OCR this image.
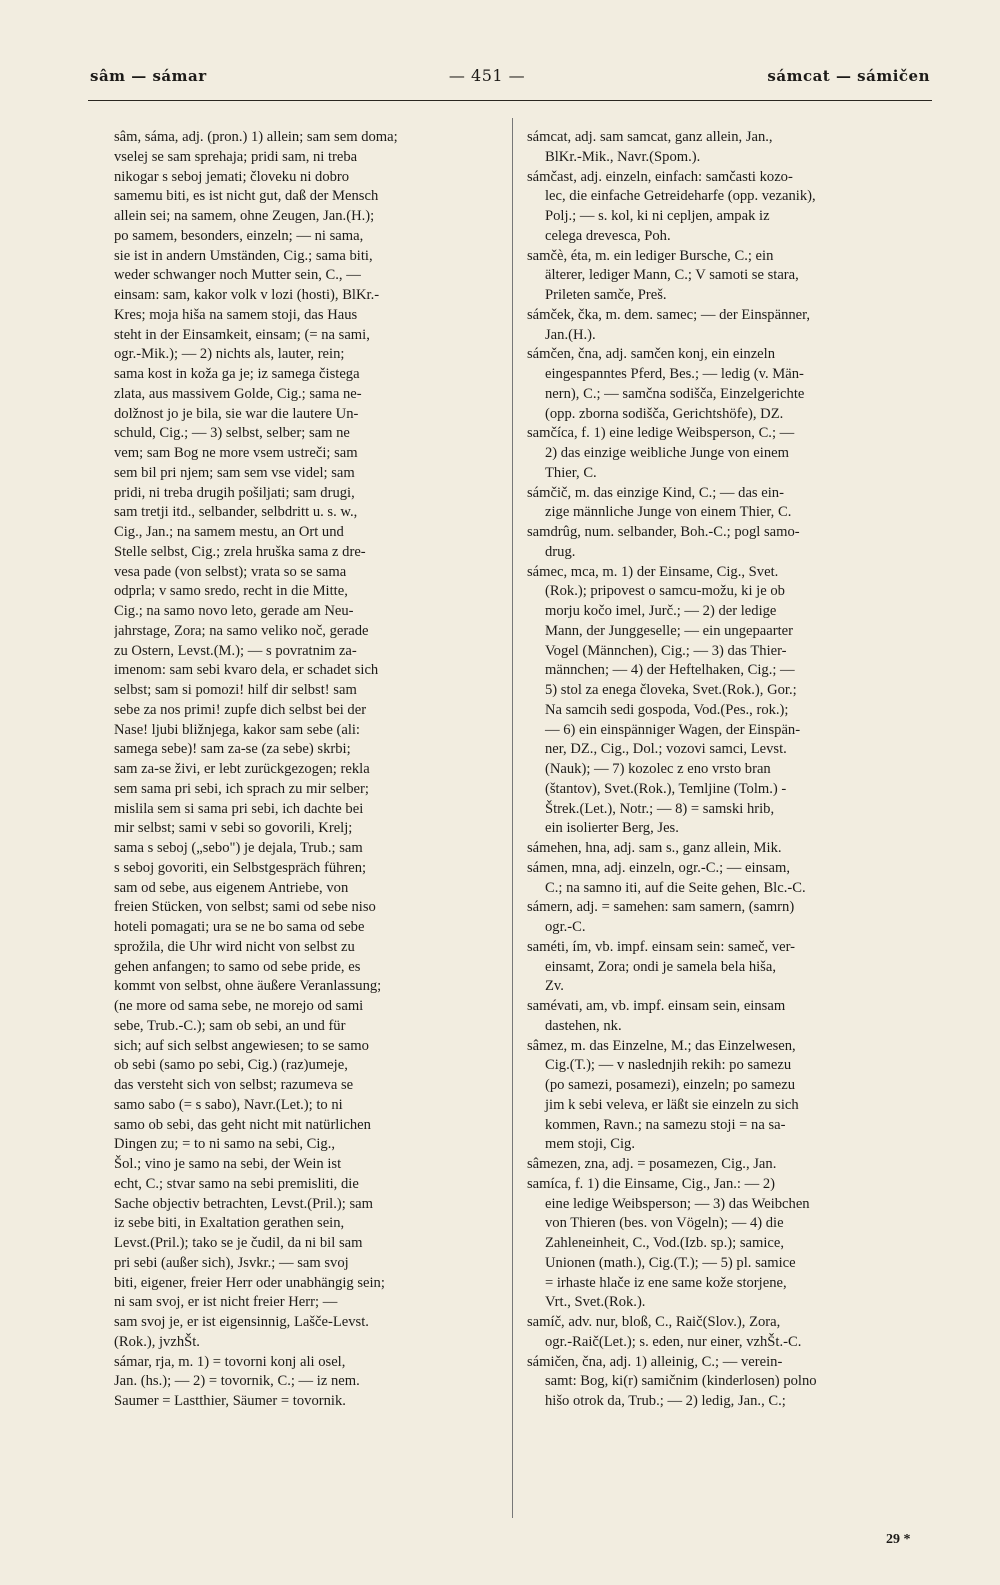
sâm — sámar	— 451 —	sámcat — sámičen
sâm, sáma, adj. (pron.) 1) allein; sam sem doma;
vselej se sam sprehaja; pridi sam, ni treba
nikogar s seboj jemati; človeku ni dobro
samemu biti, es ist nicht gut, daß der Mensch
allein sei; na samem, ohne Zeugen, Jan.(H.);
po samem, besonders, einzeln; — ni sama,
sie ist in andern Umständen, Cig.; sama biti,
weder schwanger noch Mutter sein, C., —
einsam: sam, kakor volk v lozi (hosti), BlKr.-
Kres; moja hiša na samem stoji, das Haus
steht in der Einsamkeit, einsam; (= na sami,
ogr.-Mik.); — 2) nichts als, lauter, rein;
sama kost in koža ga je; iz samega čistega
zlata, aus massivem Golde, Cig.; sama ne-
dolžnost jo je bila, sie war die lautere Un-
schuld, Cig.; — 3) selbst, selber; sam ne
vem; sam Bog ne more vsem ustreči; sam
sem bil pri njem; sam sem vse videl; sam
pridi, ni treba drugih pošiljati; sam drugi,
sam tretji itd., selbander, selbdritt u. s. w.,
Cig., Jan.; na samem mestu, an Ort und
Stelle selbst, Cig.; zrela hruška sama z dre-
vesa pade (von selbst); vrata so se sama
odprla; v samo sredo, recht in die Mitte,
Cig.; na samo novo leto, gerade am Neu-
jahrstage, Zora; na samo veliko noč, gerade
zu Ostern, Levst.(M.); — s povratnim za-
imenom: sam sebi kvaro dela, er schadet sich
selbst; sam si pomozi! hilf dir selbst! sam
sebe za nos primi! zupfe dich selbst bei der
Nase! ljubi bližnjega, kakor sam sebe (ali:
samega sebe)! sam za-se (za sebe) skrbi;
sam za-se živi, er lebt zurückgezogen; rekla
sem sama pri sebi, ich sprach zu mir selber;
mislila sem si sama pri sebi, ich dachte bei
mir selbst; sami v sebi so govorili, Krelj;
sama s seboj („sebo") je dejala, Trub.; sam
s seboj govoriti, ein Selbstgespräch führen;
sam od sebe, aus eigenem Antriebe, von
freien Stücken, von selbst; sami od sebe niso
hoteli pomagati; ura se ne bo sama od sebe
sprožila, die Uhr wird nicht von selbst zu
gehen anfangen; to samo od sebe pride, es
kommt von selbst, ohne äußere Veranlassung;
(ne more od sama sebe, ne morejo od sami
sebe, Trub.-C.); sam ob sebi, an und für
sich; auf sich selbst angewiesen; to se samo
ob sebi (samo po sebi, Cig.) (raz)umeje,
das versteht sich von selbst; razumeva se
samo sabo (= s sabo), Navr.(Let.); to ni
samo ob sebi, das geht nicht mit natürlichen
Dingen zu; = to ni samo na sebi, Cig.,
Šol.; vino je samo na sebi, der Wein ist
echt, C.; stvar samo na sebi premisliti, die
Sache objectiv betrachten, Levst.(Pril.); sam
iz sebe biti, in Exaltation gerathen sein,
Levst.(Pril.); tako se je čudil, da ni bil sam
pri sebi (außer sich), Jsvkr.; — sam svoj
biti, eigener, freier Herr oder unabhängig sein;
ni sam svoj, er ist nicht freier Herr; —
sam svoj je, er ist eigensinnig, Lašče-Levst.
(Rok.), jvzhŠt.
sámar, rja, m. 1) = tovorni konj ali osel,
Jan. (hs.); — 2) = tovornik, C.; — iz nem.
Saumer = Lastthier, Säumer = tovornik.
sámcat, adj. sam samcat, ganz allein, Jan.,
BlKr.-Mik., Navr.(Spom.).
sámčast, adj. einzeln, einfach: samčasti kozo-
lec, die einfache Getreideharfe (opp. vezanik),
Polj.; — s. kol, ki ni cepljen, ampak iz
celega drevesca, Poh.
samčè, éta, m. ein lediger Bursche, C.; ein
älterer, lediger Mann, C.; V samoti se stara,
Prileten samče, Preš.
sámček, čka, m. dem. samec; — der Einspänner,
Jan.(H.).
sámčen, čna, adj. samčen konj, ein einzeln
eingespanntes Pferd, Bes.; — ledig (v. Män-
nern), C.; — samčna sodišča, Einzelgerichte
(opp. zborna sodišča, Gerichtshöfe), DZ.
samčíca, f. 1) eine ledige Weibsperson, C.; —
2) das einzige weibliche Junge von einem
Thier, C.
sámčič, m. das einzige Kind, C.; — das ein-
zige männliche Junge von einem Thier, C.
samdrûg, num. selbander, Boh.-C.; pogl samo-
drug.
sámec, mca, m. 1) der Einsame, Cig., Svet.
(Rok.); pripovest o samcu-možu, ki je ob
morju kočo imel, Jurč.; — 2) der ledige
Mann, der Junggeselle; — ein ungepaarter
Vogel (Männchen), Cig.; — 3) das Thier-
männchen; — 4) der Heftelhaken, Cig.; —
5) stol za enega človeka, Svet.(Rok.), Gor.;
Na samcih sedi gospoda, Vod.(Pes., rok.);
— 6) ein einspänniger Wagen, der Einspän-
ner, DZ., Cig., Dol.; vozovi samci, Levst.
(Nauk); — 7) kozolec z eno vrsto bran
(štantov), Svet.(Rok.), Temljine (Tolm.) -
Štrek.(Let.), Notr.; — 8) = samski hrib,
ein isolierter Berg, Jes.
sámehen, hna, adj. sam s., ganz allein, Mik.
sámen, mna, adj. einzeln, ogr.-C.; — einsam,
C.; na samno iti, auf die Seite gehen, Blc.-C.
sámern, adj. = samehen: sam samern, (samrn)
ogr.-C.
saméti, ím, vb. impf. einsam sein: sameč, ver-
einsamt, Zora; ondi je samela bela hiša,
Zv.
samévati, am, vb. impf. einsam sein, einsam
dastehen, nk.
sâmez, m. das Einzelne, M.; das Einzelwesen,
Cig.(T.); — v naslednjih rekih: po samezu
(po samezi, posamezi), einzeln; po samezu
jim k sebi veleva, er läßt sie einzeln zu sich
kommen, Ravn.; na samezu stoji = na sa-
mem stoji, Cig.
sâmezen, zna, adj. = posamezen, Cig., Jan.
samíca, f. 1) die Einsame, Cig., Jan.: — 2)
eine ledige Weibsperson; — 3) das Weibchen
von Thieren (bes. von Vögeln); — 4) die
Zahleneinheit, C., Vod.(Izb. sp.); samice,
Unionen (math.), Cig.(T.); — 5) pl. samice
= irhaste hlače iz ene same kože storjene,
Vrt., Svet.(Rok.).
samíč, adv. nur, bloß, C., Raič(Slov.), Zora,
ogr.-Raič(Let.); s. eden, nur einer, vzhŠt.-C.
sámičen, čna, adj. 1) alleinig, C.; — verein-
samt: Bog, ki(r) samičnim (kinderlosen) polno
hišo otrok da, Trub.; — 2) ledig, Jan., C.;
29 *
